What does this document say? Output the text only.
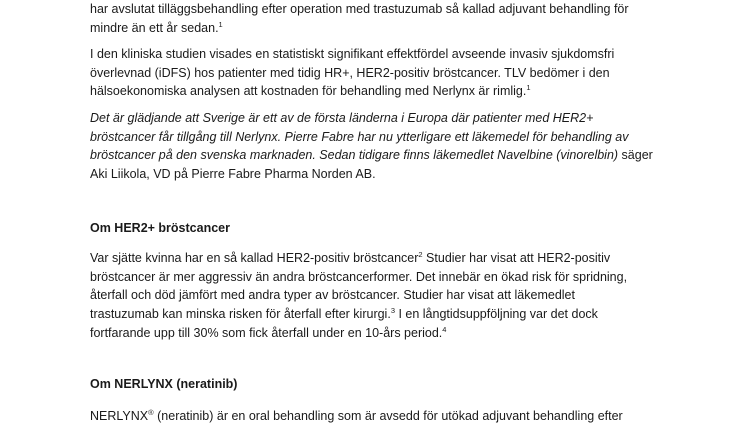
har avslutat tilläggsbehandling efter operation med trastuzumab så kallad adjuvant behandling för
mindre än ett år sedan.$^1$

I den kliniska studien visades en statistiskt signifikant effektfördel avseende invasiv sjukdomsfri
överlevnad (iDFS) hos patienter med tidig HR+, HER2-positiv bröstcancer. TLV bedömer i den
hälsoekonomiska analysen att kostnaden för behandling med Nerlynx är rimlig.$^1$

Det är glädjande att Sverige är ett av de första länderna i Europa där patienter med HER2+
bröstcancer får tillgång till Nerlynx. Pierre Fabre har nu ytterligare ett läkemedel för behandling av
bröstcancer på den svenska marknaden. Sedan tidigare finns läkemedlet Navelbine (vinorelbin) säger
Aki Liikola, VD på Pierre Fabre Pharma Norden AB.

Om HER2+ bröstcancer

Var sjätte kvinna har en så kallad HER2-positiv bröstcancer$^2$ Studier har visat att HER2-positiv
bröstcancer är mer aggressiv än andra bröstcancerformer. Det innebär en ökad risk för spridning,
återfall och död jämfört med andra typer av bröstcancer. Studier har visat att läkemedlet
trastuzumab kan minska risken för återfall efter kirurgi.$^3$ I en långtidsuppföljning var det dock
fortfarande upp till 30% som fick återfall under en 10-års period.$^4$

Om NERLYNX (neratinib)

NERLYNX® (neratinib) är en oral behandling som är avsedd för utökad adjuvant behandling efter
